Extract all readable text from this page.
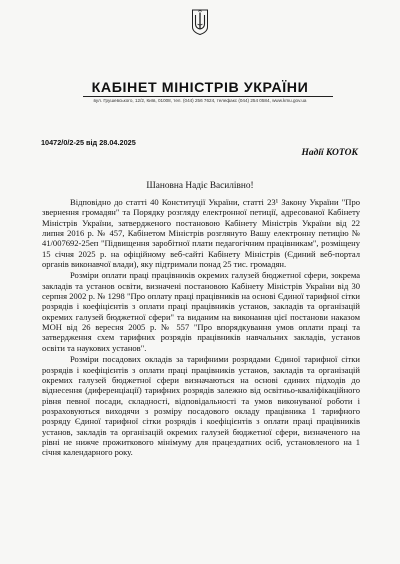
КАБІНЕТ МІНІСТРІВ УКРАЇНИ
вул. Грушевського, 12/2, Київ, 01008, тел. (044) 256 7624, телефакс (044) 254 0584, www.kmu.gov.ua
10472/0/2-25 від 28.04.2025
Надії КОТОК
Шановна Надіє Василівно!

Відповідно до статті 40 Конституції України, статті 23¹ Закону України "Про звернення громадян" та Порядку розгляду електронної петиції, адресованої Кабінету Міністрів України, затвердженого постановою Кабінету Міністрів України від 22 липня 2016 р. № 457, Кабінетом Міністрів розглянуто Вашу електронну петицію № 41/007692-25еп "Підвищення заробітної плати педагогічним працівникам", розміщену 15 січня 2025 р. на офіційному веб-сайті Кабінету Міністрів (Єдиний веб-портал органів виконавчої влади), яку підтримали понад 25 тис. громадян.

Розміри оплати праці працівників окремих галузей бюджетної сфери, зокрема закладів та установ освіти, визначені постановою Кабінету Міністрів України від 30 серпня 2002 р. № 1298 "Про оплату праці працівників на основі Єдиної тарифної сітки розрядів і коефіцієнтів з оплати праці працівників установ, закладів та організацій окремих галузей бюджетної сфери" та виданим на виконання цієї постанови наказом МОН від 26 вересня 2005 р. № 557 "Про впорядкування умов оплати праці та затвердження схем тарифних розрядів працівників навчальних закладів, установ освіти та наукових установ".

Розміри посадових окладів за тарифними розрядами Єдиної тарифної сітки розрядів і коефіцієнтів з оплати праці працівників установ, закладів та організацій окремих галузей бюджетної сфери визначаються на основі єдиних підходів до віднесення (диференціації) тарифних розрядів залежно від освітньо-кваліфікаційного рівня певної посади, складності, відповідальності та умов виконуваної роботи і розраховуються виходячи з розміру посадового окладу працівника 1 тарифного розряду Єдиної тарифної сітки розрядів і коефіцієнтів з оплати праці працівників установ, закладів та організацій окремих галузей бюджетної сфери, визначеного на рівні не нижче прожиткового мінімуму для працездатних осіб, установленого на 1 січня календарного року.
